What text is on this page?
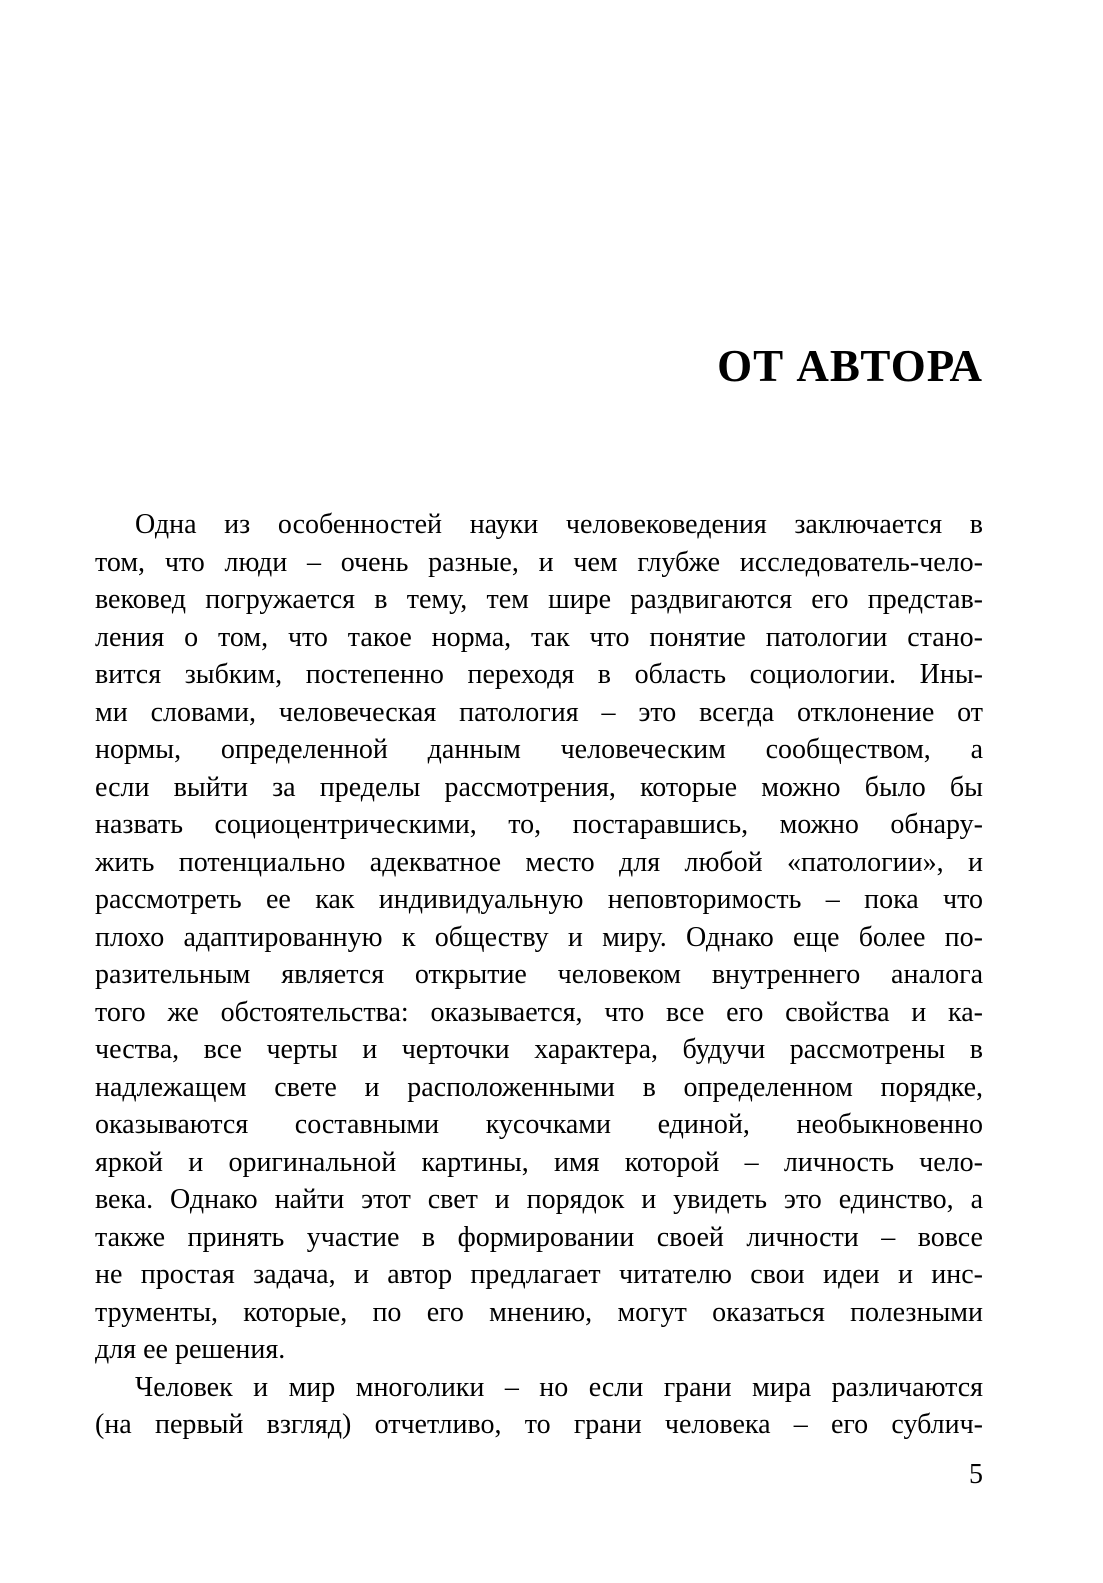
ОТ АВТОРА
Одна из особенностей науки человековедения заключается в
том, что люди – очень разные, и чем глубже исследователь-чело-
вековед погружается в тему, тем шире раздвигаются его представ-
ления о том, что такое норма, так что понятие патологии стано-
вится зыбким, постепенно переходя в область социологии. Ины-
ми словами, человеческая патология – это всегда отклонение от
нормы, определенной данным человеческим сообществом, а
если выйти за пределы рассмотрения, которые можно было бы
назвать социоцентрическими, то, постаравшись, можно обнару-
жить потенциально адекватное место для любой «патологии», и
рассмотреть ее как индивидуальную неповторимость – пока что
плохо адаптированную к обществу и миру. Однако еще более по-
разительным является открытие человеком внутреннего аналога
того же обстоятельства: оказывается, что все его свойства и ка-
чества, все черты и черточки характера, будучи рассмотрены в
надлежащем свете и расположенными в определенном порядке,
оказываются составными кусочками единой, необыкновенно
яркой и оригинальной картины, имя которой – личность чело-
века. Однако найти этот свет и порядок и увидеть это единство, а
также принять участие в формировании своей личности – вовсе
не простая задача, и автор предлагает читателю свои идеи и инс-
трументы, которые, по его мнению, могут оказаться полезными
для ее решения.
Человек и мир многолики – но если грани мира различаются
(на первый взгляд) отчетливо, то грани человека – его сублич-
5
